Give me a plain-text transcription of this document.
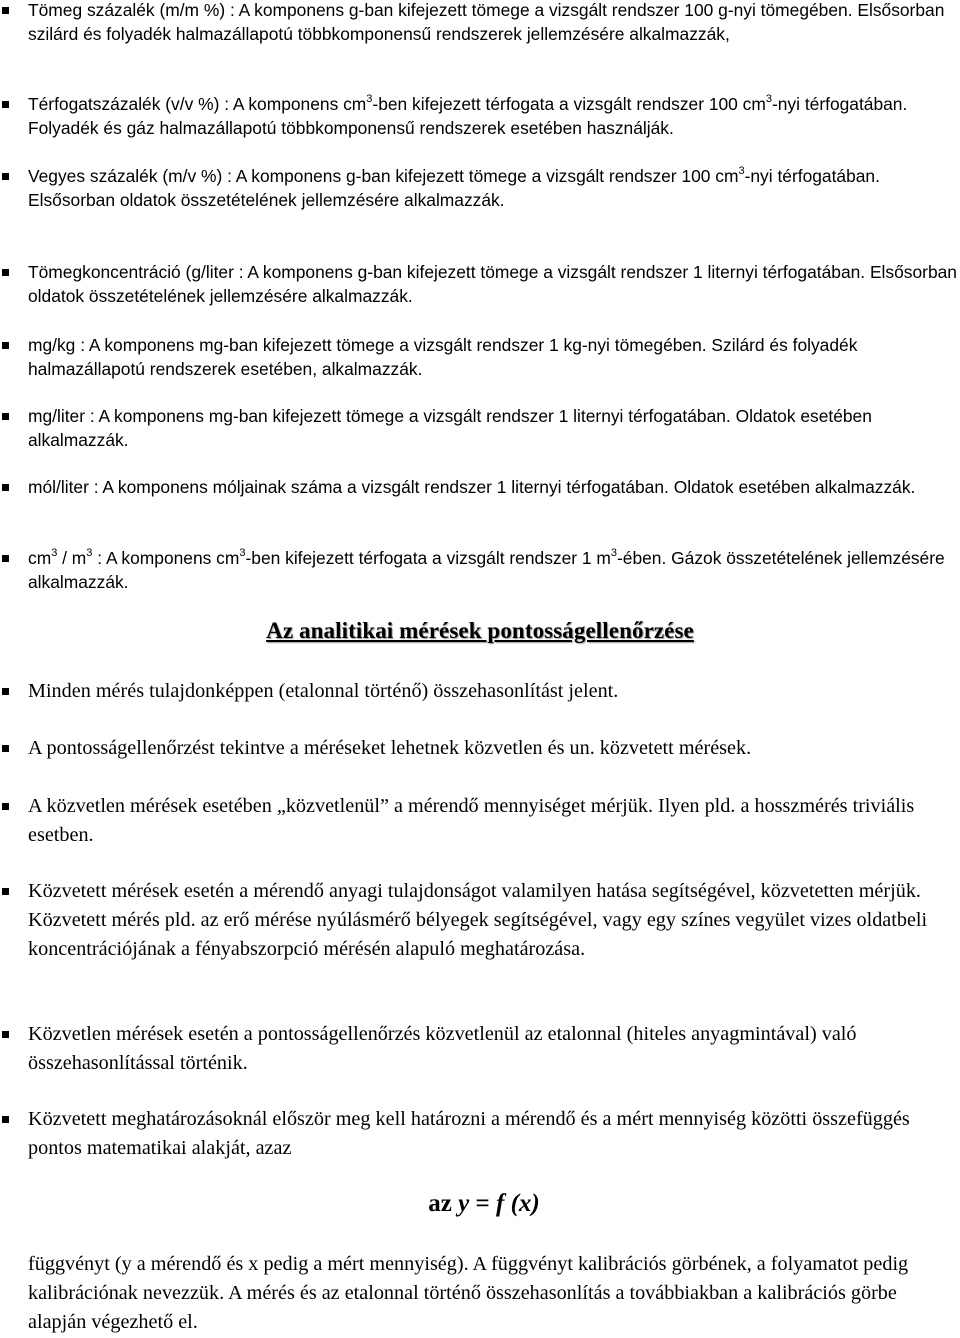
Tömeg százalék (m/m %) : A komponens g-ban kifejezett tömege a vizsgált rendszer 100 g-nyi tömegében. Elsősorban szilárd és folyadék halmazállapotú többkomponensű rendszerek jellemzésére alkalmazzák,

Térfogatszázalék (v/v %) : A komponens $cm^3$-ben kifejezett térfogata a vizsgált rendszer 100 $cm^3$-nyi térfogatában. Folyadék és gáz halmazállapotú többkomponensű rendszerek esetében használják.

Vegyes százalék (m/v %) : A komponens g-ban kifejezett tömege a vizsgált rendszer 100 $cm^3$-nyi térfogatában. Elsősorban oldatok összetételének jellemzésére alkalmazzák.

Tömegkoncentráció (g/liter : A komponens g-ban kifejezett tömege a vizsgált rendszer 1 liternyi térfogatában. Elsősorban oldatok összetételének jellemzésére alkalmazzák.

mg/kg : A komponens mg-ban kifejezett tömege a vizsgált rendszer 1 kg-nyi tömegében. Szilárd és folyadék halmazállapotú rendszerek esetében, alkalmazzák.

mg/liter : A komponens mg-ban kifejezett tömege a vizsgált rendszer 1 liternyi térfogatában. Oldatok esetében alkalmazzák.

mól/liter : A komponens móljainak száma a vizsgált rendszer 1 liternyi térfogatában. Oldatok esetében alkalmazzák.

$cm^3 / m^3$ : A komponens $cm^3$-ben kifejezett térfogata a vizsgált rendszer 1 $m^3$-ében. Gázok összetételének jellemzésére alkalmazzák.

Az analitikai mérések pontosságellenőrzése

Minden mérés tulajdonképpen (etalonnal történő) összehasonlítást jelent.

A pontosságellenőrzést tekintve a méréseket lehetnek közvetlen és un. közvetett mérések.

A közvetlen mérések esetében „közvetlenül” a mérendő mennyiséget mérjük. Ilyen pld. a hosszmérés triviális esetben.

Közvetett mérések esetén a mérendő anyagi tulajdonságot valamilyen hatása segítségével, közvetetten mérjük. Közvetett mérés pld. az erő mérése nyúlásmérő bélyegek segítségével, vagy egy színes vegyület vizes oldatbeli koncentrációjának a fényabszorpció mérésén alapuló meghatározása.

Közvetlen mérések esetén a pontosságellenőrzés közvetlenül az etalonnal (hiteles anyagmintával) való összehasonlítással történik.

Közvetett meghatározásoknál először meg kell határozni a mérendő és a mért mennyiség közötti összefüggés pontos matematikai alakját, azaz

az y = f (x)

függvényt (y a mérendő és x pedig a mért mennyiség). A függvényt kalibrációs görbének, a folyamatot pedig kalibrációnak nevezzük. A mérés és az etalonnal történő összehasonlítás a továbbiakban a kalibrációs görbe alapján végezhető el.
